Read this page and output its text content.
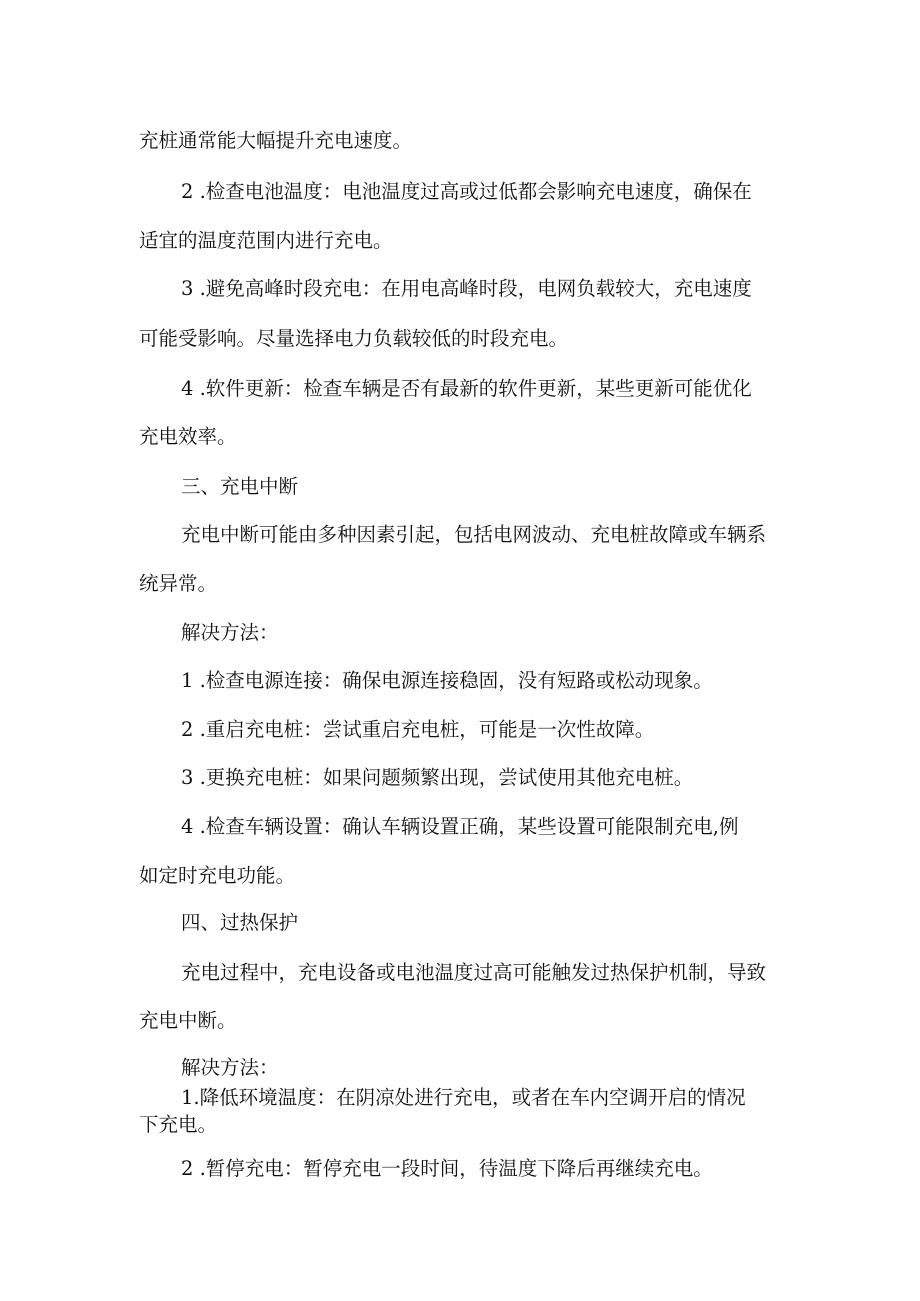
充桩通常能大幅提升充电速度。
2 .检查电池温度：电池温度过高或过低都会影响充电速度，确保在
适宜的温度范围内进行充电。
3 .避免高峰时段充电：在用电高峰时段，电网负载较大，充电速度
可能受影响。尽量选择电力负载较低的时段充电。
4 .软件更新：检查车辆是否有最新的软件更新，某些更新可能优化
充电效率。
三、充电中断
充电中断可能由多种因素引起，包括电网波动、充电桩故障或车辆系
统异常。
解决方法：
1 .检查电源连接：确保电源连接稳固，没有短路或松动现象。
2 .重启充电桩：尝试重启充电桩，可能是一次性故障。
3 .更换充电桩：如果问题频繁出现，尝试使用其他充电桩。
4 .检查车辆设置：确认车辆设置正确，某些设置可能限制充电,例
如定时充电功能。
四、过热保护
充电过程中，充电设备或电池温度过高可能触发过热保护机制，导致
充电中断。
解决方法：
1.降低环境温度：在阴凉处进行充电，或者在车内空调开启的情况
下充电。
2 .暂停充电：暂停充电一段时间，待温度下降后再继续充电。
